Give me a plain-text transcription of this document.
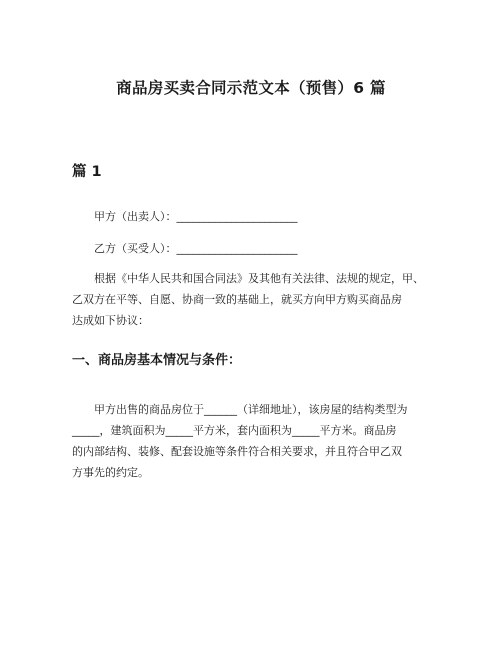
商品房买卖合同示范文本（预售）6 篇
篇 1

甲方（出卖人）：______________________

乙方（买受人）：______________________

根据《中华人民共和国合同法》及其他有关法律、法规的规定，甲、
乙双方在平等、自愿、协商一致的基础上，就买方向甲方购买商品房
达成如下协议：

一、商品房基本情况与条件：

甲方出售的商品房位于______（详细地址），该房屋的结构类型为
_____，建筑面积为_____平方米，套内面积为_____平方米。商品房
的内部结构、装修、配套设施等条件符合相关要求，并且符合甲乙双
方事先的约定。
